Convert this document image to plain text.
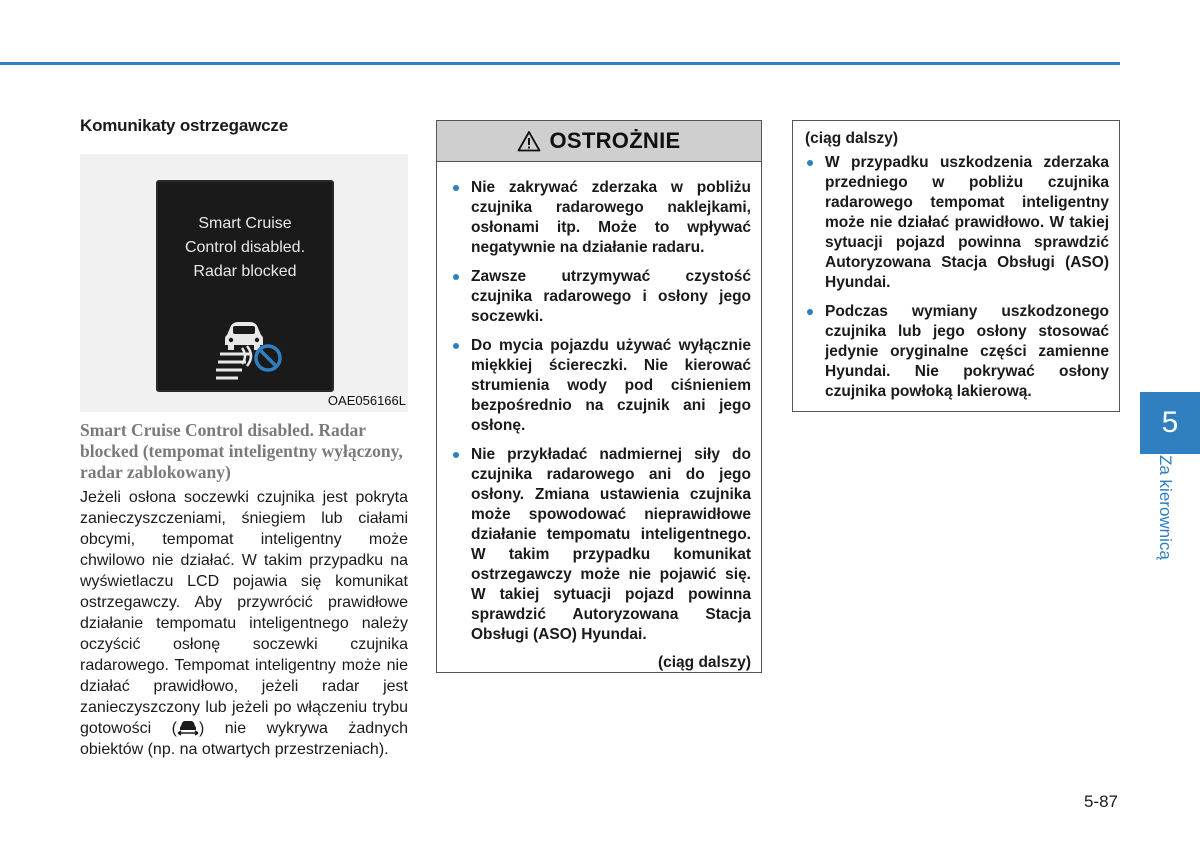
Komunikaty ostrzegawcze
Smart Cruise
Control disabled.
Radar blocked
OAE056166L
Smart Cruise Control disabled. Radar blocked (tempomat inteligentny wyłączony, radar zablokowany)

Jeżeli osłona soczewki czujnika jest pokryta zanieczyszczeniami, śniegiem lub ciałami obcymi, tempomat inteligentny może chwilowo nie działać. W takim przypadku na wyświetlaczu LCD pojawia się komunikat ostrzegawczy. Aby przywrócić prawidłowe działanie tempomatu inteligentnego należy oczyścić osłonę soczewki czujnika radarowego. Tempomat inteligentny może nie działać prawidłowo, jeżeli radar jest zanieczyszczony lub jeżeli po włączeniu trybu gotowości ( ) nie wykrywa żadnych obiektów (np. na otwartych przestrzeniach).

OSTROŻNIE
Nie zakrywać zderzaka w pobliżu czujnika radarowego naklejkami, osłonami itp. Może to wpływać negatywnie na działanie radaru.
Zawsze utrzymywać czystość czujnika radarowego i osłony jego soczewki.
Do mycia pojazdu używać wyłącznie miękkiej ściereczki. Nie kierować strumienia wody pod ciśnieniem bezpośrednio na czujnik ani jego osłonę.
Nie przykładać nadmiernej siły do czujnika radarowego ani do jego osłony. Zmiana ustawienia czujnika może spowodować nieprawidłowe działanie tempomatu inteligentnego. W takim przypadku komunikat ostrzegawczy może nie pojawić się. W takiej sytuacji pojazd powinna sprawdzić Autoryzowana Stacja Obsługi (ASO) Hyundai.
(ciąg dalszy)
(ciąg dalszy)
W przypadku uszkodzenia zderzaka przedniego w pobliżu czujnika radarowego tempomat inteligentny może nie działać prawidłowo. W takiej sytuacji pojazd powinna sprawdzić Autoryzowana Stacja Obsługi (ASO) Hyundai.
Podczas wymiany uszkodzonego czujnika lub jego osłony stosować jedynie oryginalne części zamienne Hyundai. Nie pokrywać osłony czujnika powłoką lakierową.
5
Za kierownicą
5-87
